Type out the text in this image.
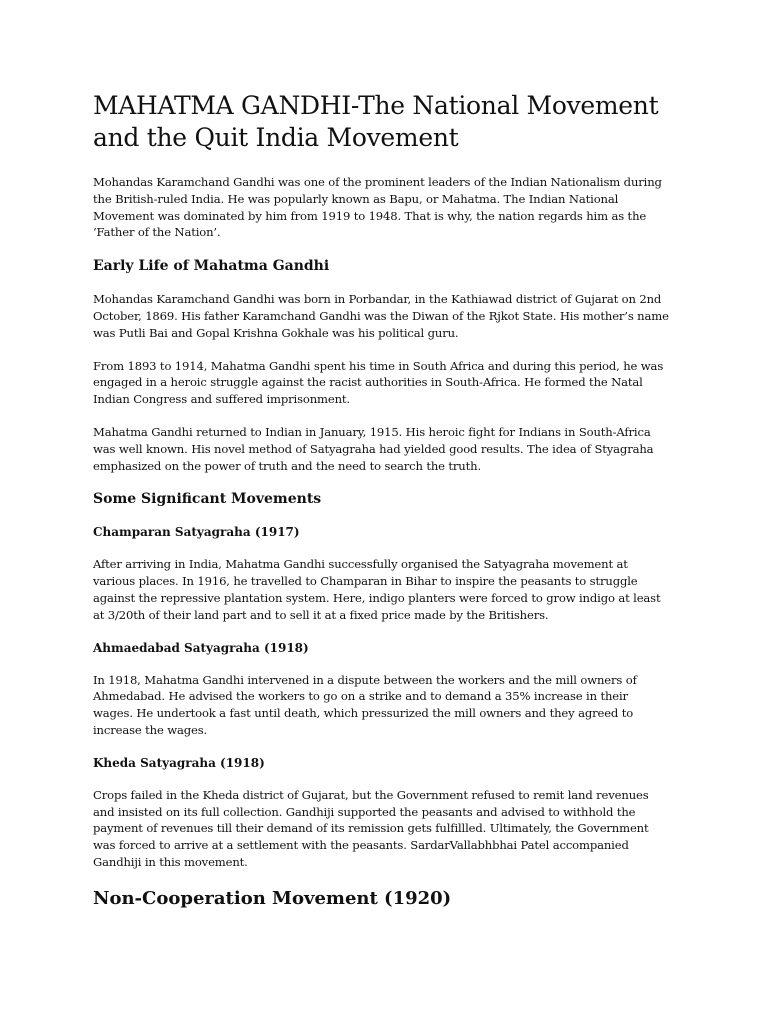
MAHATMA GANDHI-The National Movement and the Quit India Movement

Mohandas Karamchand Gandhi was one of the prominent leaders of the Indian Nationalism during the British-ruled India. He was popularly known as Bapu, or Mahatma. The Indian National Movement was dominated by him from 1919 to 1948. That is why, the nation regards him as the ‘Father of the Nation’.

Early Life of Mahatma Gandhi

Mohandas Karamchand Gandhi was born in Porbandar, in the Kathiawad district of Gujarat on 2nd October, 1869. His father Karamchand Gandhi was the Diwan of the Rjkot State. His mother’s name was Putli Bai and Gopal Krishna Gokhale was his political guru.

From 1893 to 1914, Mahatma Gandhi spent his time in South Africa and during this period, he was engaged in a heroic struggle against the racist authorities in South-Africa. He formed the Natal Indian Congress and suffered imprisonment.

Mahatma Gandhi returned to Indian in January, 1915. His heroic fight for Indians in South-Africa was well known. His novel method of Satyagraha had yielded good results. The idea of Styagraha emphasized on the power of truth and the need to search the truth.

Some Significant Movements
Champaran Satyagraha (1917)

After arriving in India, Mahatma Gandhi successfully organised the Satyagraha movement at various places. In 1916, he travelled to Champaran in Bihar to inspire the peasants to struggle against the repressive plantation system. Here, indigo planters were forced to grow indigo at least at 3/20th of their land part and to sell it at a fixed price made by the Britishers.

Ahmaedabad Satyagraha (1918)

In 1918, Mahatma Gandhi intervened in a dispute between the workers and the mill owners of Ahmedabad. He advised the workers to go on a strike and to demand a 35% increase in their wages. He undertook a fast until death, which pressurized the mill owners and they agreed to increase the wages.

Kheda Satyagraha (1918)

Crops failed in the Kheda district of Gujarat, but the Government refused to remit land revenues and insisted on its full collection. Gandhiji supported the peasants and advised to withhold the payment of revenues till their demand of its remission gets fulfillled. Ultimately, the Government was forced to arrive at a settlement with the peasants. SardarVallabhbhai Patel accompanied Gandhiji in this movement.

Non-Cooperation Movement (1920)
